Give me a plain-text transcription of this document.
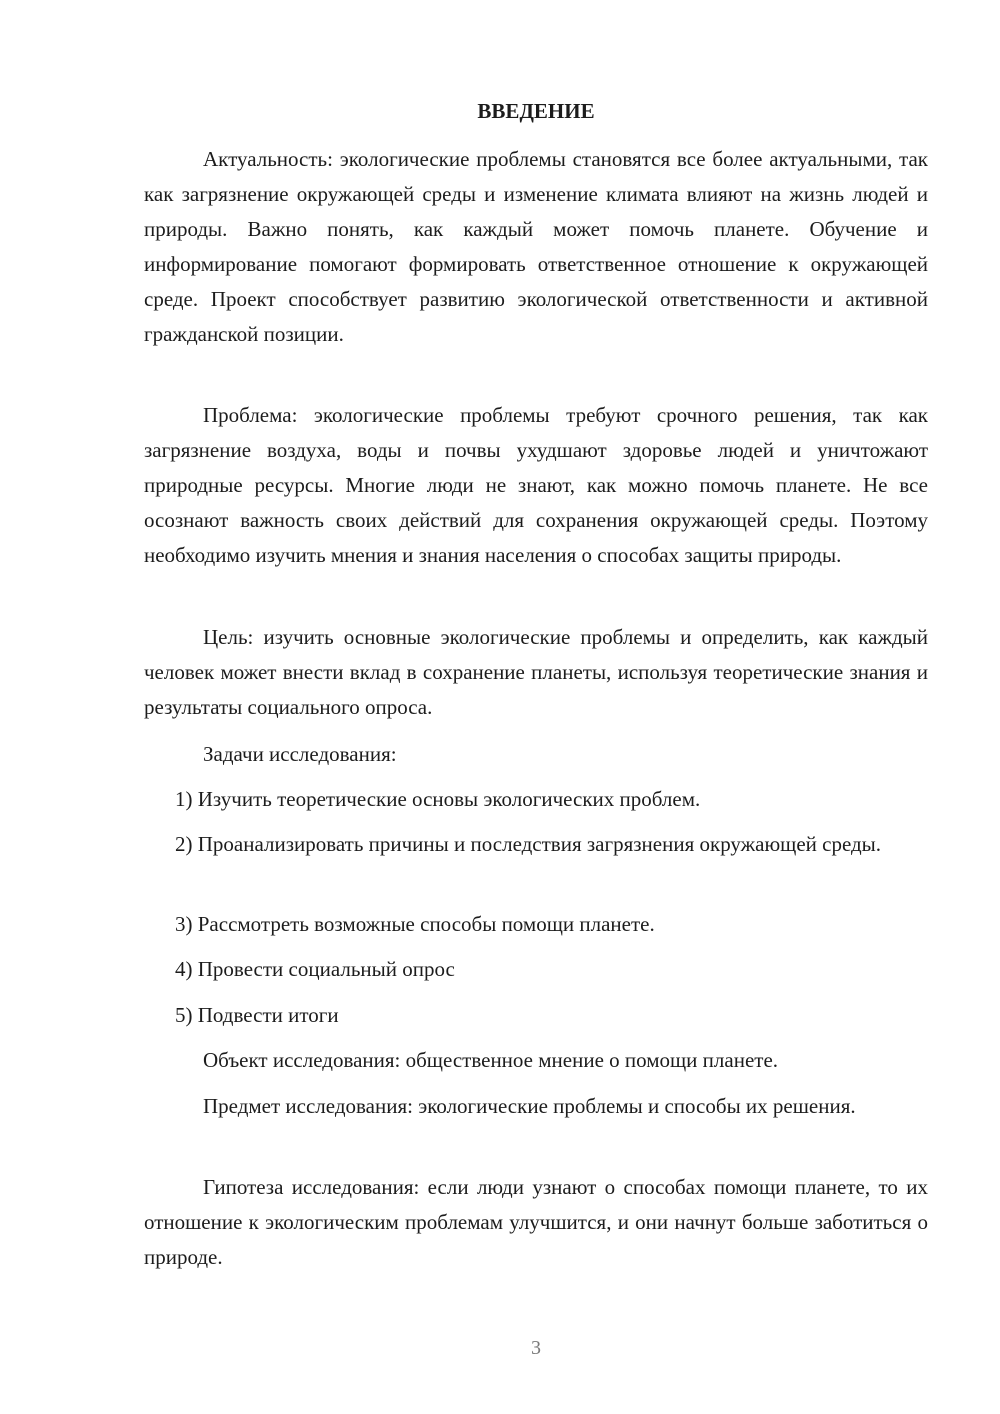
ВВЕДЕНИЕ

Актуальность: экологические проблемы становятся все более актуальными, так как загрязнение окружающей среды и изменение климата влияют на жизнь людей и природы. Важно понять, как каждый может помочь планете. Обучение и информирование помогают формировать ответственное отношение к окружающей среде. Проект способствует развитию экологической ответственности и активной гражданской позиции.

Проблема: экологические проблемы требуют срочного решения, так как загрязнение воздуха, воды и почвы ухудшают здоровье людей и уничтожают природные ресурсы. Многие люди не знают, как можно помочь планете. Не все осознают важность своих действий для сохранения окружающей среды. Поэтому необходимо изучить мнения и знания населения о способах защиты природы.

Цель: изучить основные экологические проблемы и определить, как каждый человек может внести вклад в сохранение планеты, используя теоретические знания и результаты социального опроса.

Задачи исследования:

1) Изучить теоретические основы экологических проблем.

2) Проанализировать причины и последствия загрязнения окружающей среды.

3) Рассмотреть возможные способы помощи планете.

4) Провести социальный опрос

5) Подвести итоги

Объект исследования: общественное мнение о помощи планете.

Предмет исследования: экологические проблемы и способы их решения.

Гипотеза исследования: если люди узнают о способах помощи планете, то их отношение к экологическим проблемам улучшится, и они начнут больше заботиться о природе.

3
